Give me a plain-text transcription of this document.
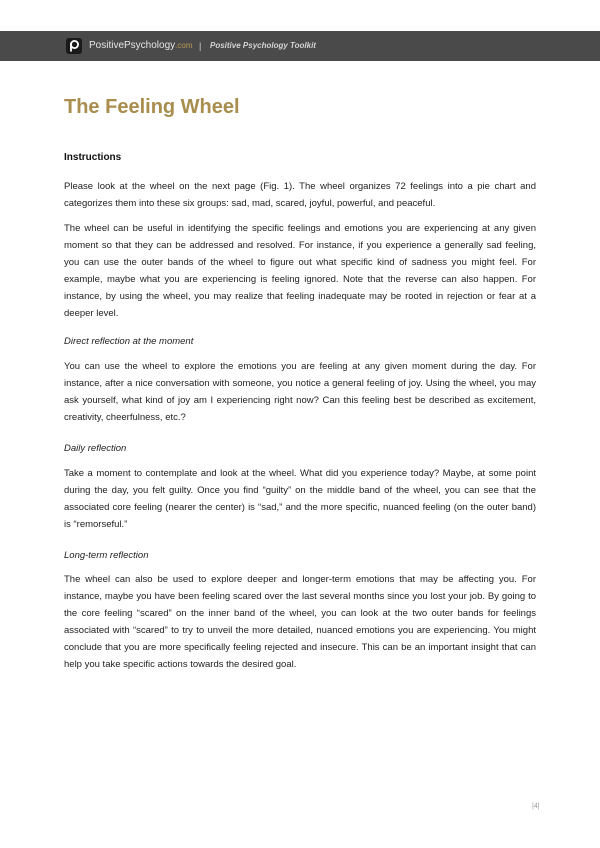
PositivePsychology.com | Positive Psychology Toolkit
The Feeling Wheel

Instructions

Please look at the wheel on the next page (Fig. 1). The wheel organizes 72 feelings into a pie chart and categorizes them into these six groups: sad, mad, scared, joyful, powerful, and peaceful.

The wheel can be useful in identifying the specific feelings and emotions you are experiencing at any given moment so that they can be addressed and resolved. For instance, if you experience a generally sad feeling, you can use the outer bands of the wheel to figure out what specific kind of sadness you might feel. For example, maybe what you are experiencing is feeling ignored. Note that the reverse can also happen. For instance, by using the wheel, you may realize that feeling inadequate may be rooted in rejection or fear at a deeper level.

Direct reflection at the moment

You can use the wheel to explore the emotions you are feeling at any given moment during the day. For instance, after a nice conversation with someone, you notice a general feeling of joy. Using the wheel, you may ask yourself, what kind of joy am I experiencing right now? Can this feeling best be described as excitement, creativity, cheerfulness, etc.?

Daily reflection

Take a moment to contemplate and look at the wheel. What did you experience today? Maybe, at some point during the day, you felt guilty. Once you find “guilty” on the middle band of the wheel, you can see that the associated core feeling (nearer the center) is “sad,” and the more specific, nuanced feeling (on the outer band) is “remorseful.”

Long-term reflection

The wheel can also be used to explore deeper and longer-term emotions that may be affecting you. For instance, maybe you have been feeling scared over the last several months since you lost your job. By going to the core feeling “scared” on the inner band of the wheel, you can look at the two outer bands for feelings associated with “scared” to try to unveil the more detailed, nuanced emotions you are experiencing. You might conclude that you are more specifically feeling rejected and insecure. This can be an important insight that can help you take specific actions towards the desired goal.

|4|
